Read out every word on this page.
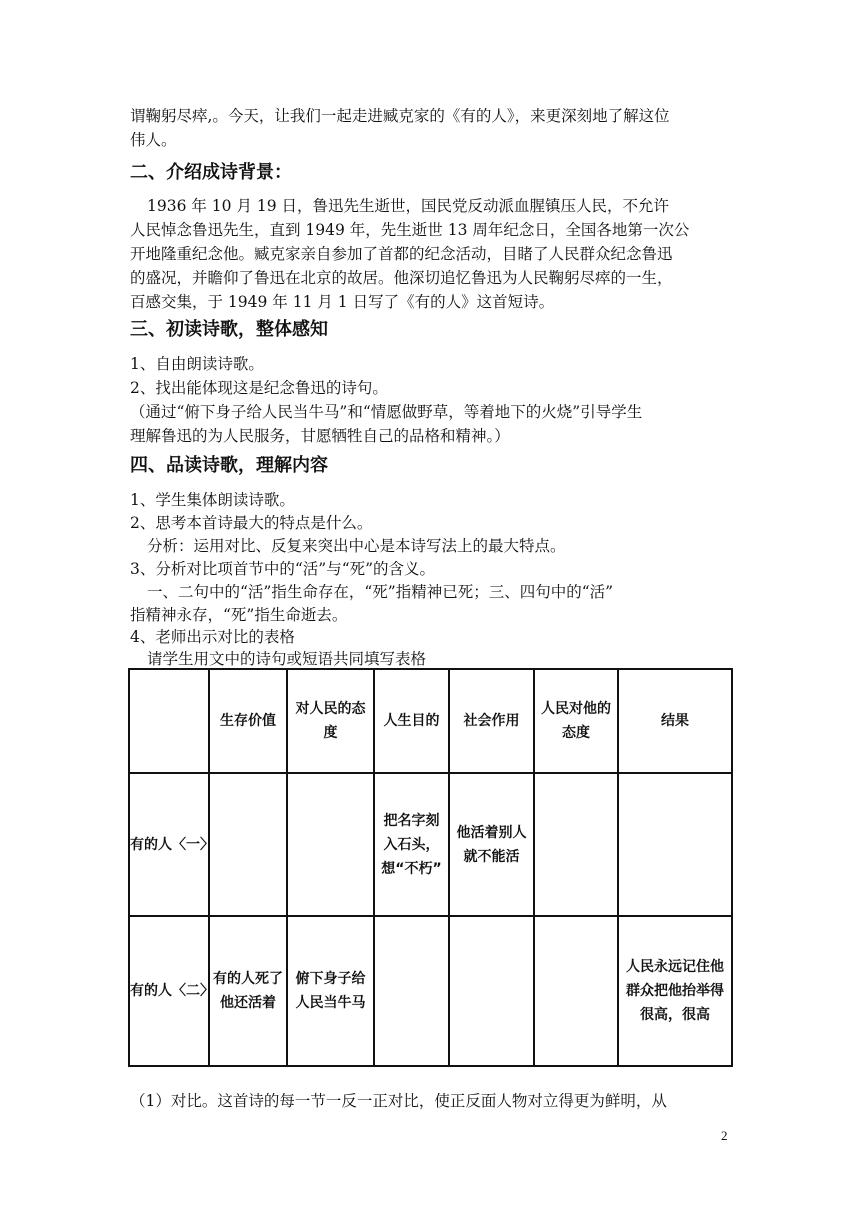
谓鞠躬尽瘁,。今天，让我们一起走进臧克家的《有的人》，来更深刻地了解这位
伟人。
二、介绍成诗背景：
1936 年 10 月 19 日，鲁迅先生逝世，国民党反动派血腥镇压人民，不允许
人民悼念鲁迅先生，直到 1949 年，先生逝世 13 周年纪念日，全国各地第一次公
开地隆重纪念他。臧克家亲自参加了首都的纪念活动，目睹了人民群众纪念鲁迅
的盛况，并瞻仰了鲁迅在北京的故居。他深切追忆鲁迅为人民鞠躬尽瘁的一生，
百感交集，于 1949 年 11 月 1 日写了《有的人》这首短诗。
三、初读诗歌，整体感知
1、自由朗读诗歌。
2、找出能体现这是纪念鲁迅的诗句。
（通过“俯下身子给人民当牛马”和“情愿做野草，等着地下的火烧”引导学生
理解鲁迅的为人民服务，甘愿牺牲自己的品格和精神。）
四、品读诗歌，理解内容
1、学生集体朗读诗歌。
2、思考本首诗最大的特点是什么。
分析：运用对比、反复来突出中心是本诗写法上的最大特点。
3、分析对比项首节中的“活”与“死”的含义。
一、二句中的“活”指生命存在，“死”指精神已死；三、四句中的“活”
指精神永存，“死”指生命逝去。
4、老师出示对比的表格
请学生用文中的诗句或短语共同填写表格
	生存价值	对人民的态度	人生目的	社会作用	人民对他的态度	结果
有的人〈一〉			把名字刻入石头，想“不朽”	他活着别人就不能活		
有的人〈二〉	有的人死了他还活着	俯下身子给人民当牛马				人民永远记住他群众把他抬举得很高，很高
（1）对比。这首诗的每一节一反一正对比，使正反面人物对立得更为鲜明，从
2
